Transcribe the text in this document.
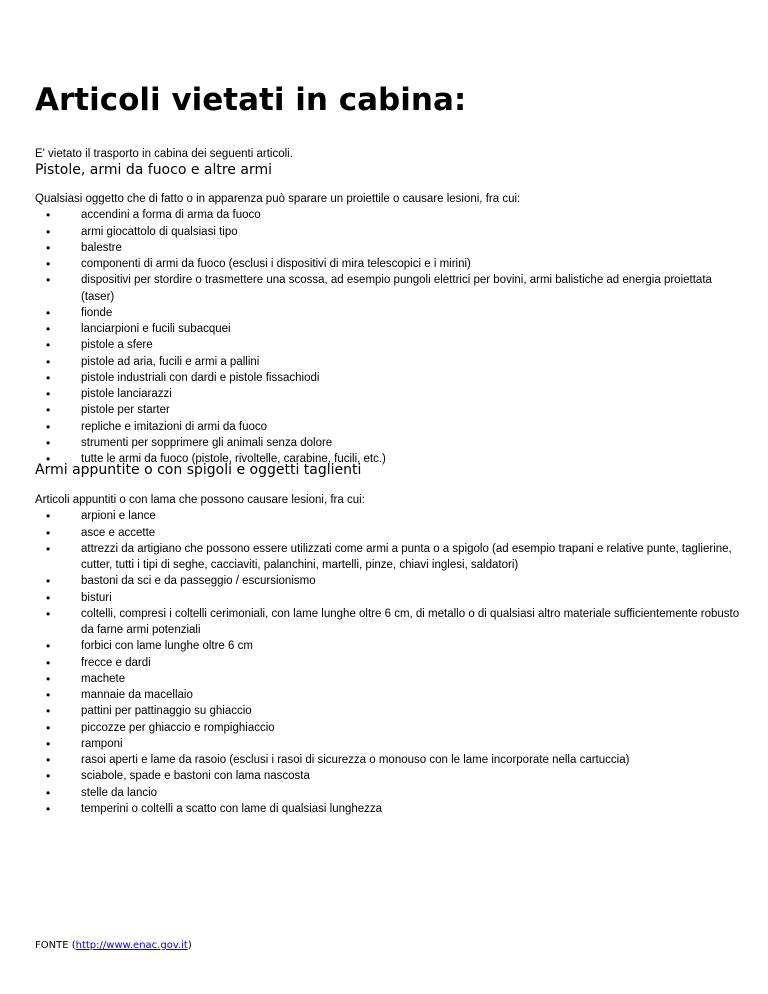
Articoli vietati in cabina:
E' vietato il trasporto in cabina dei seguenti articoli.
Pistole, armi da fuoco e altre armi
Qualsiasi oggetto che di fatto o in apparenza può sparare un proiettile o causare lesioni, fra cui:
•	accendini a forma di arma da fuoco
•	armi giocattolo di qualsiasi tipo
•	balestre
•	componenti di armi da fuoco (esclusi i dispositivi di mira telescopici e i mirini)
•	dispositivi per stordire o trasmettere una scossa, ad esempio pungoli elettrici per bovini, armi balistiche ad energia proiettata (taser)
•	fionde
•	lanciarpioni e fucili subacquei
•	pistole a sfere
•	pistole ad aria, fucili e armi a pallini
•	pistole industriali con dardi e pistole fissachiodi
•	pistole lanciarazzi
•	pistole per starter
•	repliche e imitazioni di armi da fuoco
•	strumenti per sopprimere gli animali senza dolore
•	tutte le armi da fuoco (pistole, rivoltelle, carabine, fucili, etc.)
Armi appuntite o con spigoli e oggetti taglienti
Articoli appuntiti o con lama che possono causare lesioni, fra cui:
•	arpioni e lance
•	asce e accette
•	attrezzi da artigiano che possono essere utilizzati come armi a punta o a spigolo (ad esempio trapani e relative punte, taglierine, cutter, tutti i tipi di seghe, cacciaviti, palanchini, martelli, pinze, chiavi inglesi, saldatori)
•	bastoni da sci e da passeggio / escursionismo
•	bisturi
•	coltelli, compresi i coltelli cerimoniali, con lame lunghe oltre 6 cm, di metallo o di qualsiasi altro materiale sufficientemente robusto da farne armi potenziali
•	forbici con lame lunghe oltre 6 cm
•	frecce e dardi
•	machete
•	mannaie da macellaio
•	pattini per pattinaggio su ghiaccio
•	piccozze per ghiaccio e rompighiaccio
•	ramponi
•	rasoi aperti e lame da rasoio (esclusi i rasoi di sicurezza o monouso con le lame incorporate nella cartuccia)
•	sciabole, spade e bastoni con lama nascosta
•	stelle da lancio
•	temperini o coltelli a scatto con lame di qualsiasi lunghezza
FONTE (http://www.enac.gov.it)
